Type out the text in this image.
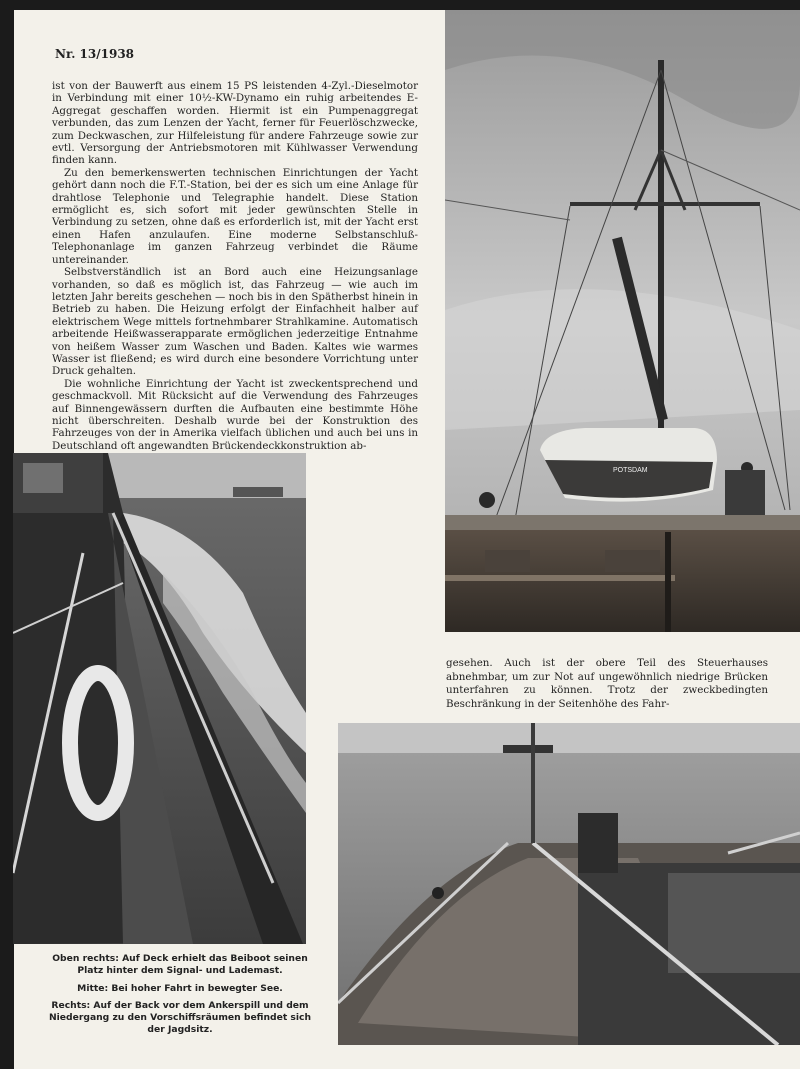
Nr. 13/1938

ist von der Bauwerft aus einem 15 PS leistenden 4-Zyl.-Dieselmotor in Verbindung mit einer 10½-KW-Dynamo ein ruhig arbeitendes E-Aggregat geschaffen worden. Hiermit ist ein Pumpenaggregat verbunden, das zum Lenzen der Yacht, ferner für Feuerlöschzwecke, zum Deckwaschen, zur Hilfeleistung für andere Fahrzeuge sowie zur evtl. Versorgung der Antriebsmotoren mit Kühlwasser Verwendung finden kann.

Zu den bemerkenswerten technischen Einrichtungen der Yacht gehört dann noch die F.T.-Station, bei der es sich um eine Anlage für drahtlose Telephonie und Telegraphie handelt. Diese Station ermöglicht es, sich sofort mit jeder gewünschten Stelle in Verbindung zu setzen, ohne daß es erforderlich ist, mit der Yacht erst einen Hafen anzulaufen. Eine moderne Selbstanschluß-Telephonanlage im ganzen Fahrzeug verbindet die Räume untereinander.

Selbstverständlich ist an Bord auch eine Heizungsanlage vorhanden, so daß es möglich ist, das Fahrzeug — wie auch im letzten Jahr bereits geschehen — noch bis in den Spätherbst hinein in Betrieb zu haben. Die Heizung erfolgt der Einfachheit halber auf elektrischem Wege mittels fortnehmbarer Strahlkamine. Automatisch arbeitende Heißwasserapparate ermöglichen jederzeitige Entnahme von heißem Wasser zum Waschen und Baden. Kaltes wie warmes Wasser ist fließend; es wird durch eine besondere Vorrichtung unter Druck gehalten.

Die wohnliche Einrichtung der Yacht ist zweckentsprechend und geschmackvoll. Mit Rücksicht auf die Verwendung des Fahrzeuges auf Binnengewässern durften die Aufbauten eine bestimmte Höhe nicht überschreiten. Deshalb wurde bei der Konstruktion des Fahrzeuges von der in Amerika vielfach üblichen und auch bei uns in Deutschland oft angewandten Brückendeckkonstruktion ab-

POTSDAM
gesehen. Auch ist der obere Teil des Steuerhauses abnehmbar, um zur Not auf ungewöhnlich niedrige Brücken unterfahren zu können. Trotz der zweckbedingten Beschränkung in der Seitenhöhe des Fahr-

Oben rechts: Auf Deck erhielt das Beiboot seinen Platz hinter dem Signal- und Lademast.

Mitte: Bei hoher Fahrt in bewegter See.

Rechts: Auf der Back vor dem Ankerspill und dem Niedergang zu den Vorschiffsräumen befindet sich der Jagdsitz.
